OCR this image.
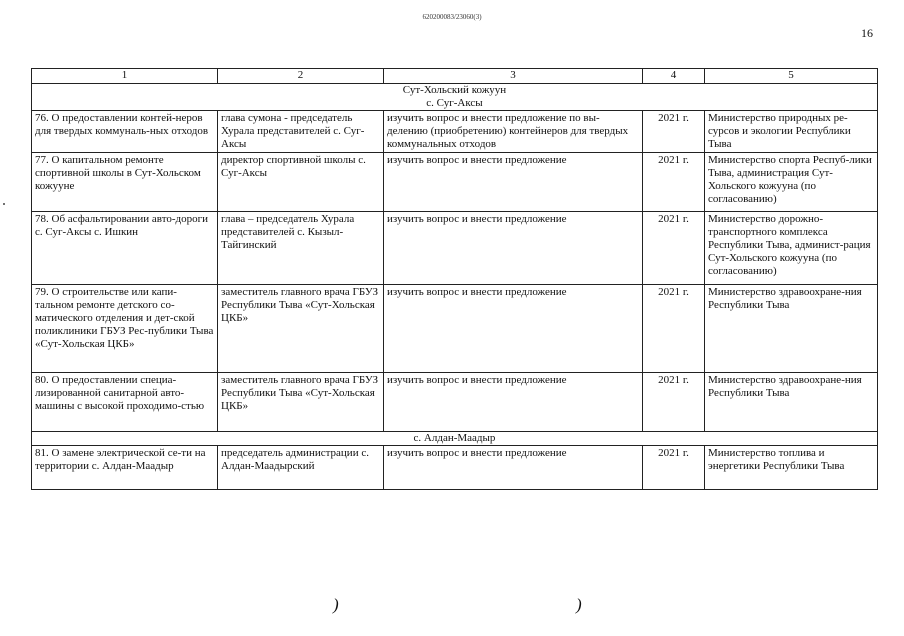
620200083/23060(3)
16
1	2	3	4	5

Сут-Хольский кожуун
с. Суг-Аксы				

76. О предоставлении контей-неров для твердых коммуналь-ных отходов	глава сумона - председатель Хурала представителей с. Суг-Аксы	изучить вопрос и внести предложение по вы-делению (приобретению) контейнеров для твердых коммунальных отходов	2021 г.	Министерство природных ре-сурсов и экологии Республики Тыва
77. О капитальном ремонте спортивной школы в Сут-Хольском кожууне	директор спортивной школы с. Суг-Аксы	изучить вопрос и внести предложение	2021 г.	Министерство спорта Респуб-лики Тыва, администрация Сут-Хольского кожууна (по согласованию)
78. Об асфальтировании авто-дороги с. Суг-Аксы с. Ишкин	глава – председатель Хурала представителей с. Кызыл-Тайгинский	изучить вопрос и внести предложение	2021 г.	Министерство дорожно-транспортного комплекса Республики Тыва, админист-рация Сут-Хольского кожууна (по согласованию)
79. О строительстве или капи-тальном ремонте детского со-матического отделения и дет-ской поликлиники ГБУЗ Рес-публики Тыва «Сут-Хольская ЦКБ»	заместитель главного врача ГБУЗ Республики Тыва «Сут-Хольская ЦКБ»	изучить вопрос и внести предложение	2021 г.	Министерство здравоохране-ния Республики Тыва
80. О предоставлении специа-лизированной санитарной авто-машины с высокой проходимо-стью	заместитель главного врача ГБУЗ Республики Тыва «Сут-Хольская ЦКБ»	изучить вопрос и внести предложение	2021 г.	Министерство здравоохране-ния Республики Тыва

с. Алдан-Маадыр				

81. О замене электрической се-ти на территории с. Алдан-Маадыр	председатель администрации с. Алдан-Маадырский	изучить вопрос и внести предложение	2021 г.	Министерство топлива и энергетики Республики Тыва
)	)
